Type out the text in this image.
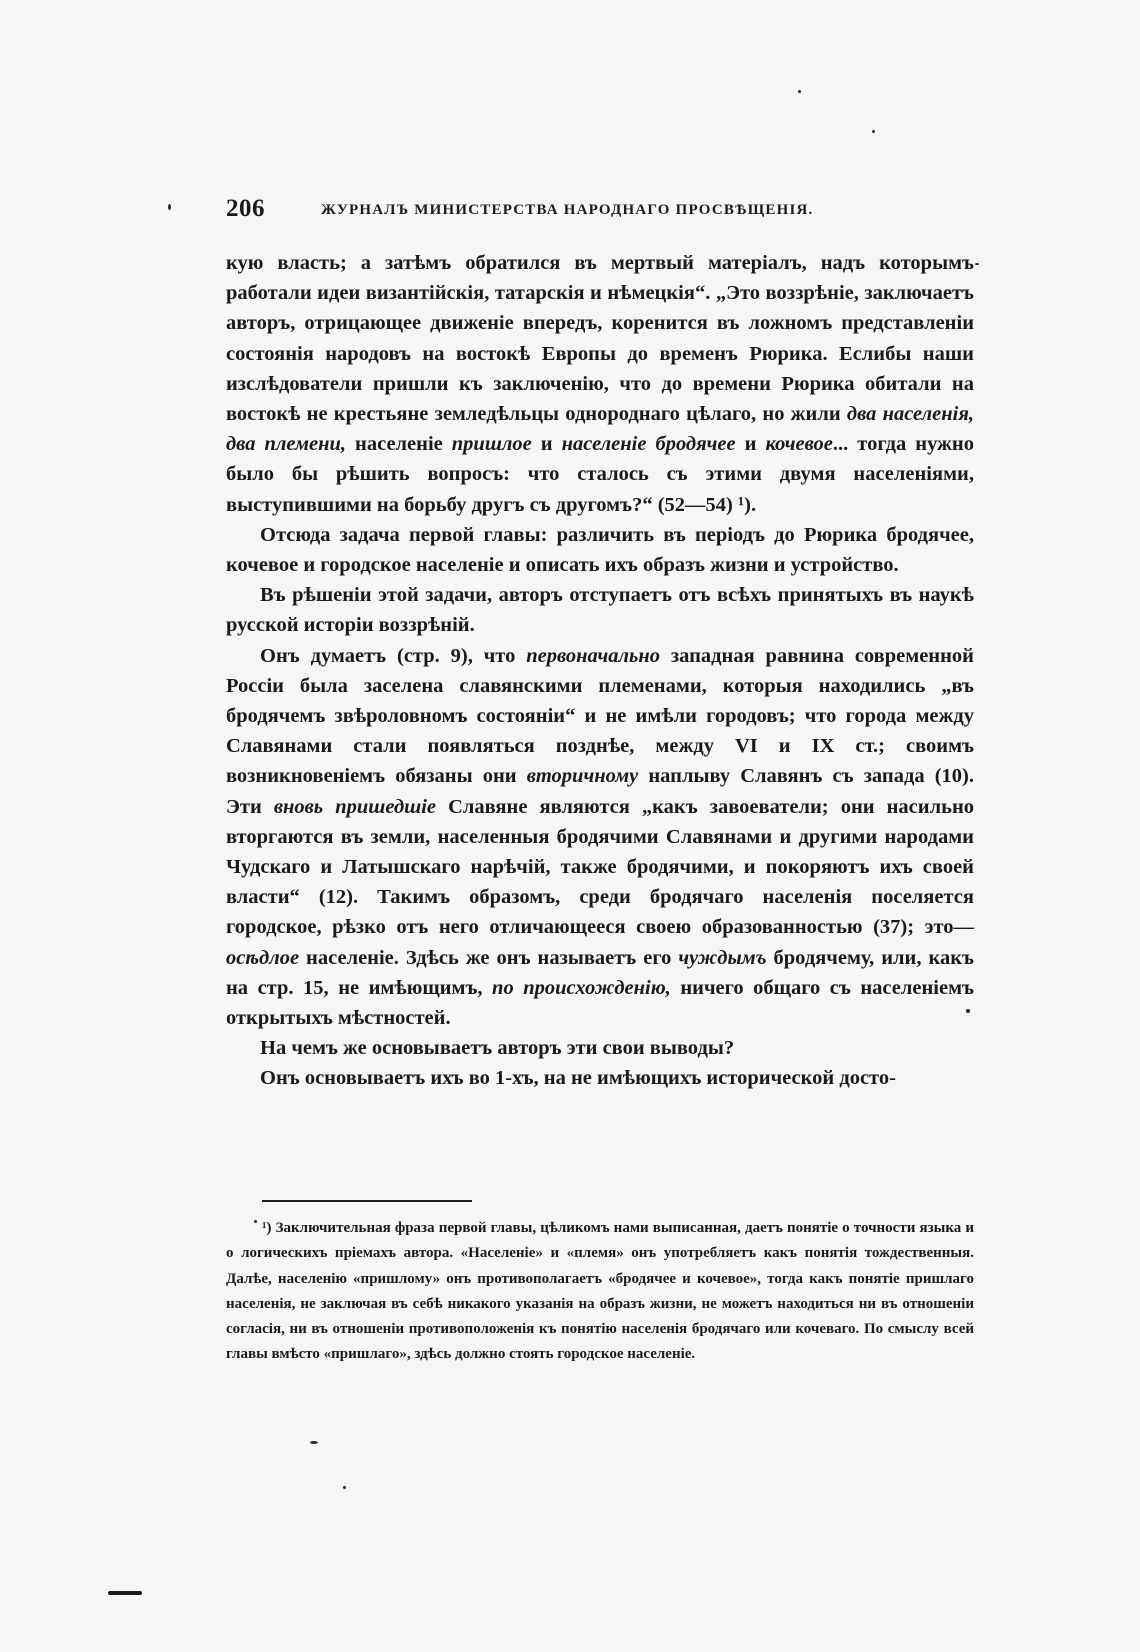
206	ЖУРНАЛЪ МИНИСТЕРСТВА НАРОДНАГО ПРОСВѢЩЕНІЯ.

кую власть; а затѣмъ обратился въ мертвый матеріалъ, надъ которымъ работали идеи византійскія, татарскія и нѣмецкія“. „Это воззрѣніе, заключаетъ авторъ, отрицающее движеніе впередъ, коренится въ ложномъ представленіи состоянія народовъ на востокѣ Европы до временъ Рюрика. Еслибы наши изслѣдователи пришли къ заключенію, что до времени Рюрика обитали на востокѣ не крестьяне земледѣльцы однороднаго цѣлаго, но жили два населенія, два племени, населеніе пришлое и населеніе бродячее и кочевое... тогда нужно было бы рѣшить вопросъ: что сталось съ этими двумя населеніями, выступившими на борьбу другъ съ другомъ?“ (52—54) ¹).

Отсюда задача первой главы: различить въ періодъ до Рюрика бродячее, кочевое и городское населеніе и описать ихъ образъ жизни и устройство.

Въ рѣшеніи этой задачи, авторъ отступаетъ отъ всѣхъ принятыхъ въ наукѣ русской исторіи воззрѣній.

Онъ думаетъ (стр. 9), что первоначально западная равнина современной Россіи была заселена славянскими племенами, которыя находились „въ бродячемъ звѣроловномъ состояніи“ и не имѣли городовъ; что города между Славянами стали появляться позднѣе, между VI и IX ст.; своимъ возникновеніемъ обязаны они вторичному наплыву Славянъ съ запада (10). Эти вновь пришедшіе Славяне являются „какъ завоеватели; они насильно вторгаются въ земли, населенныя бродячими Славянами и другими народами Чудскаго и Латышскаго нарѣчій, также бродячими, и покоряютъ ихъ своей власти“ (12). Такимъ образомъ, среди бродячаго населенія поселяется городское, рѣзко отъ него отличающееся своею образованностью (37); это—осѣдлое населеніе. Здѣсь же онъ называетъ его чуждымъ бродячему, или, какъ на стр. 15, не имѣющимъ, по происхожденію, ничего общаго съ населеніемъ открытыхъ мѣстностей.

На чемъ же основываетъ авторъ эти свои выводы?

Онъ основываетъ ихъ во 1-хъ, на не имѣющихъ исторической досто-

¹) Заключительная фраза первой главы, цѣликомъ нами выписанная, даетъ понятіе о точности языка и о логическихъ пріемахъ автора. «Населеніе» и «племя» онъ употребляетъ какъ понятія тождественныя. Далѣе, населенію «пришлому» онъ противополагаетъ «бродячее и кочевое», тогда какъ понятіе пришлаго населенія, не заключая въ себѣ никакого указанія на образъ жизни, не можетъ находиться ни въ отношеніи согласія, ни въ отношеніи противоположенія къ понятію населенія бродячаго или кочеваго. По смыслу всей главы вмѣсто «пришлаго», здѣсь должно стоять городское населеніе.
